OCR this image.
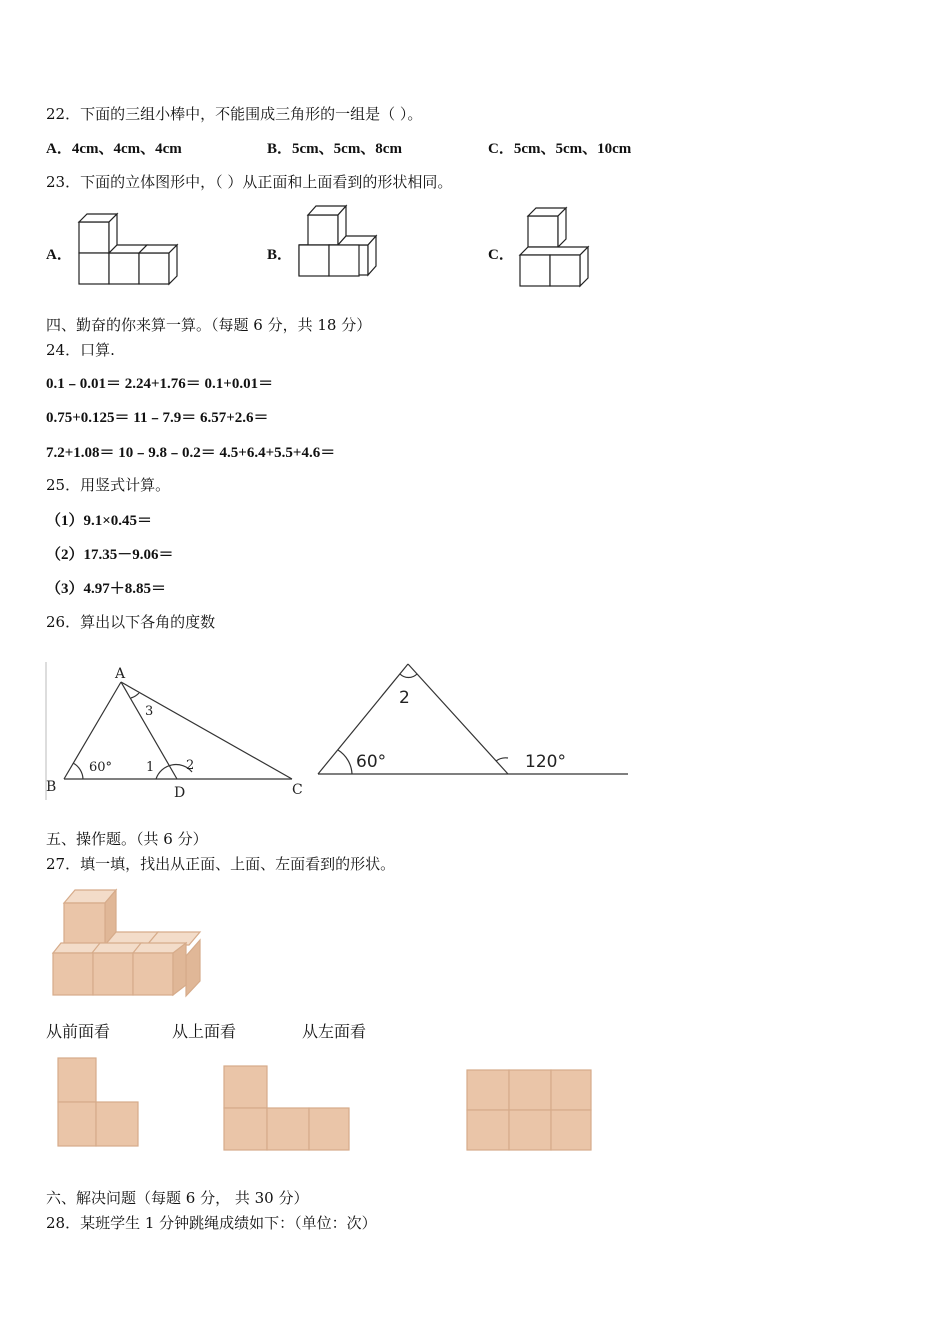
22．下面的三组小棒中，不能围成三角形的一组是（ ）。
A．4cm、4cm、4cm	B．5cm、5cm、8cm	C．5cm、5cm、10cm
23．下面的立体图形中，（ ）从正面和上面看到的形状相同。
A．	B．	C．
四、勤奋的你来算一算。（每题 6 分，共 18 分）
24．口算.
0.1﹣0.01＝ 2.24+1.76＝ 0.1+0.01＝
0.75+0.125＝ 11﹣7.9＝ 6.57+2.6＝
7.2+1.08＝ 10﹣9.8﹣0.2＝ 4.5+6.4+5.5+4.6＝
25．用竖式计算。
（1）9.1×0.45＝
（2）17.35－9.06＝
（3）4.97＋8.85＝
26．算出以下各角的度数
A
B	D	C
60°	1 2
3
2
60°	120°
五、操作题。（共 6 分）
27．填一填，找出从正面、上面、左面看到的形状。
从前面看	从上面看	从左面看
六、解决问题（每题 6 分， 共 30 分）
28．某班学生 1 分钟跳绳成绩如下：（单位：次）
